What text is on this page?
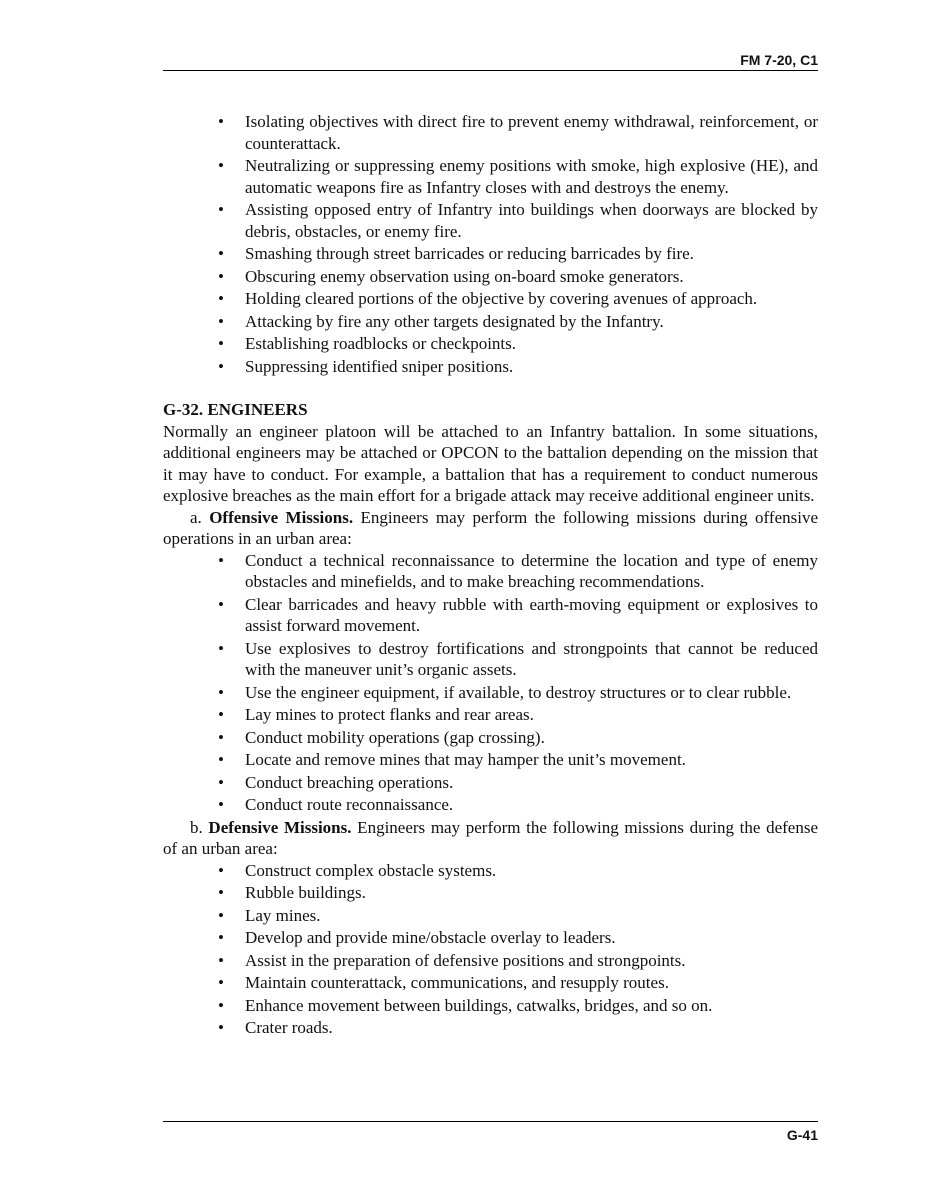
FM 7-20, C1
• Isolating objectives with direct fire to prevent enemy withdrawal, reinforcement, or counterattack.
• Neutralizing or suppressing enemy positions with smoke, high explosive (HE), and automatic weapons fire as Infantry closes with and destroys the enemy.
• Assisting opposed entry of Infantry into buildings when doorways are blocked by debris, obstacles, or enemy fire.
• Smashing through street barricades or reducing barricades by fire.
• Obscuring enemy observation using on-board smoke generators.
• Holding cleared portions of the objective by covering avenues of approach.
• Attacking by fire any other targets designated by the Infantry.
• Establishing roadblocks or checkpoints.
• Suppressing identified sniper positions.
G-32. ENGINEERS

Normally an engineer platoon will be attached to an Infantry battalion. In some situations, additional engineers may be attached or OPCON to the battalion depending on the mission that it may have to conduct. For example, a battalion that has a requirement to conduct numerous explosive breaches as the main effort for a brigade attack may receive additional engineer units.

a. Offensive Missions. Engineers may perform the following missions during offensive operations in an urban area:

• Conduct a technical reconnaissance to determine the location and type of enemy obstacles and minefields, and to make breaching recommendations.
• Clear barricades and heavy rubble with earth-moving equipment or explosives to assist forward movement.
• Use explosives to destroy fortifications and strongpoints that cannot be reduced with the maneuver unit’s organic assets.
• Use the engineer equipment, if available, to destroy structures or to clear rubble.
• Lay mines to protect flanks and rear areas.
• Conduct mobility operations (gap crossing).
• Locate and remove mines that may hamper the unit’s movement.
• Conduct breaching operations.
• Conduct route reconnaissance.

b. Defensive Missions. Engineers may perform the following missions during the defense of an urban area:

• Construct complex obstacle systems.
• Rubble buildings.
• Lay mines.
• Develop and provide mine/obstacle overlay to leaders.
• Assist in the preparation of defensive positions and strongpoints.
• Maintain counterattack, communications, and resupply routes.
• Enhance movement between buildings, catwalks, bridges, and so on.
• Crater roads.
G-41
